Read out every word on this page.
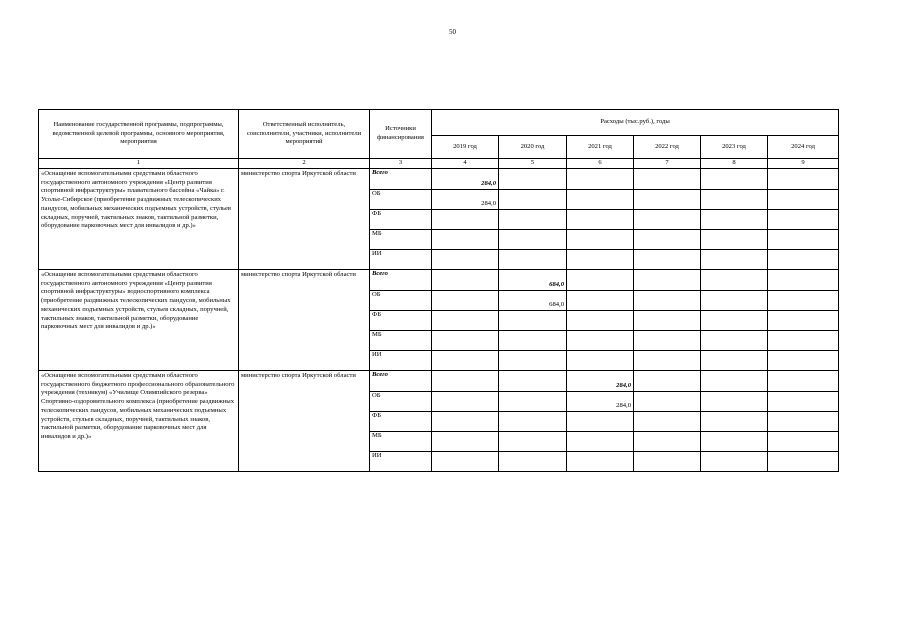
50
Наименование государственной программы, подпрограммы, ведомственной целевой программы, основного мероприятия, мероприятия	Ответственный исполнитель, соисполнители, участники, исполнители мероприятий	Источники финансирования	Расходы (тыс.руб.), годы					
			2019 год	2020 год	2021 год	2022 год	2023 год	2024 год
1	2	3	4	5	6	7	8	9
«Оснащение вспомогательными средствами областного государственного автономного учреждения «Центр развития спортивной инфраструктуры» плавательного бассейна «Чайка» г. Усолье-Сибирское (приобретение раздвижных телескопических пандусов, мобильных механических подъемных устройств, стульев складных, поручней, тактильных знаков, тактильной разметки, оборудование парковочных мест для инвалидов и др.)»	министерство спорта Иркутской области	Всего	284,0					
		ОБ	284,0					
		ФБ						
		МБ						
		ИИ						
«Оснащение вспомогательными средствами областного государственного автономного учреждения «Центр развития спортивной инфраструктуры» водноспортивного комплекса (приобретение раздвижных телескопических пандусов, мобильных механических подъемных устройств, стульев складных, поручней, тактильных знаков, тактильной разметки, оборудование парковочных мест для инвалидов и др.)»	министерство спорта Иркутской области	Всего		684,0				
		ОБ		684,0				
		ФБ						
		МБ						
		ИИ						
«Оснащение вспомогательными средствами областного государственного бюджетного профессионального образовательного учреждения (техникум) «Училище Олимпийского резерва» Спортивно-оздоровительного комплекса (приобретение раздвижных телескопических пандусов, мобильных механических подъемных устройств, стульев складных, поручней, тактильных знаков, тактильной разметки, оборудование парковочных мест для инвалидов и др.)»	министерство спорта Иркутской области	Всего			284,0			
		ОБ			284,0			
		ФБ						
		МБ						
		ИИ						
